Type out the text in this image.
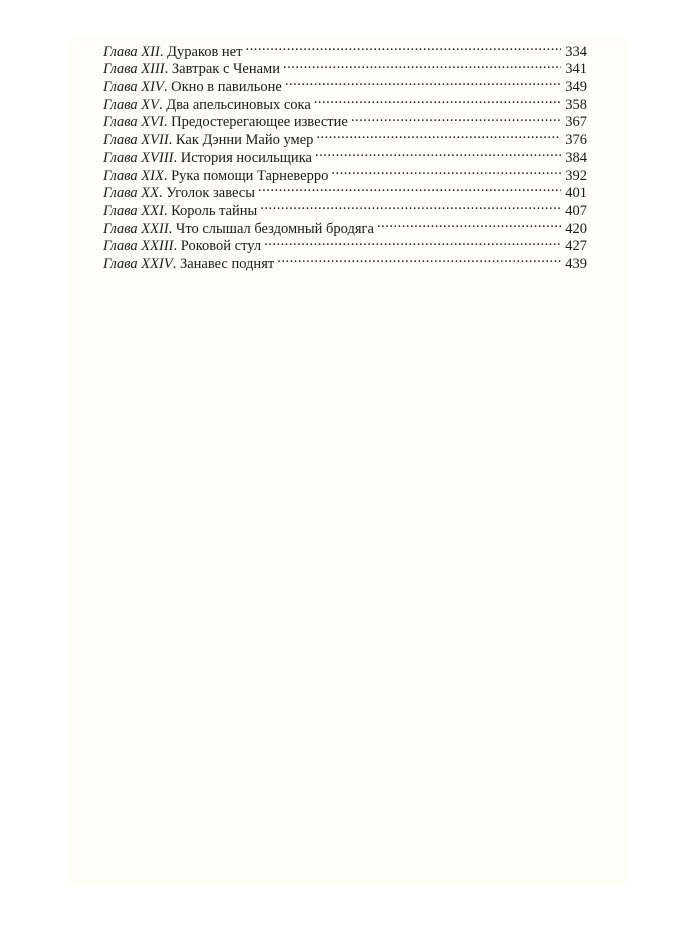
Глава XII . Дураков нет .....	334
Глава XIII . Завтрак с Ченами .....	341
Глава XIV . Окно в павильоне .....	349
Глава XV . Два апельсиновых сока .....	358
Глава XVI . Предостерегающее известие .....	367
Глава XVII . Как Дэнни Майо умер .....	376
Глава XVIII . История носильщика .....	384
Глава XIX . Рука помощи Тарневерро .....	392
Глава XX . Уголок завесы .....	401
Глава XXI . Король тайны .....	407
Глава XXII . Что слышал бездомный бродяга .....	420
Глава XXIII . Роковой стул .....	427
Глава XXIV . Занавес поднят .....	439
